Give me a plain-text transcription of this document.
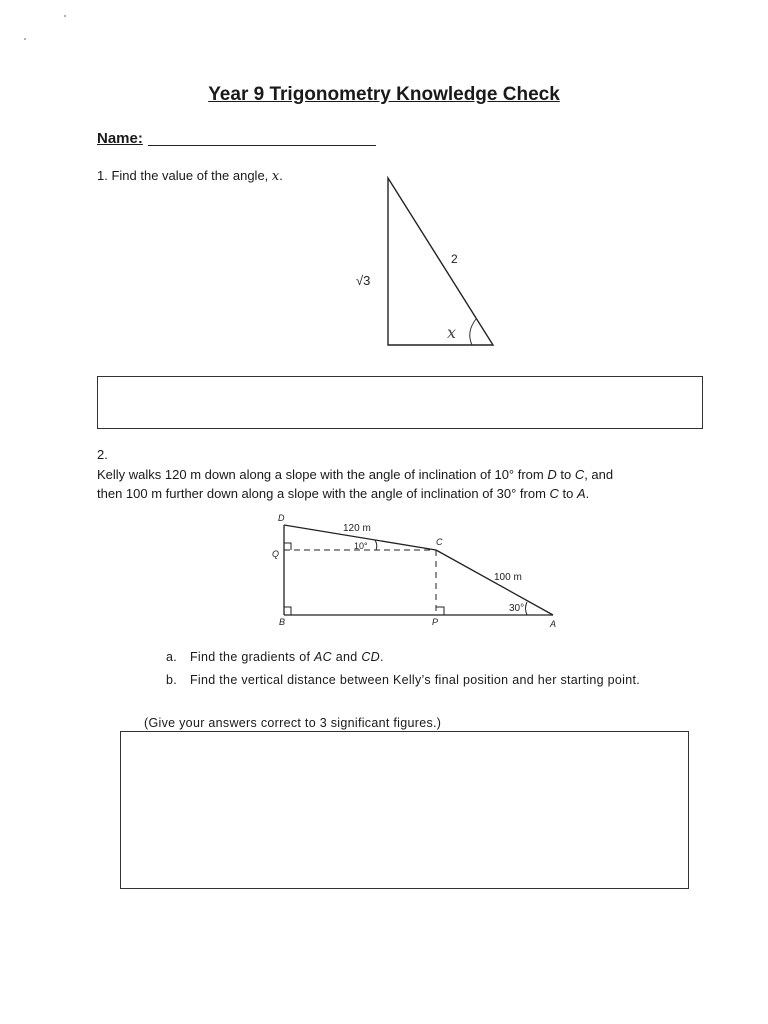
Year 9 Trigonometry Knowledge Check
Name:
1. Find the value of the angle, x.
√3
2
x
2.
Kelly walks 120 m down along a slope with the angle of inclination of 10° from D to C, and
then 100 m further down along a slope with the angle of inclination of 30° from C to A.
D
Q
B
C
P	A
120 m
10°
100 m
30°
a. Find the gradients of AC and CD.
b. Find the vertical distance between Kelly’s final position and her starting point.
(Give your answers correct to 3 significant figures.)
